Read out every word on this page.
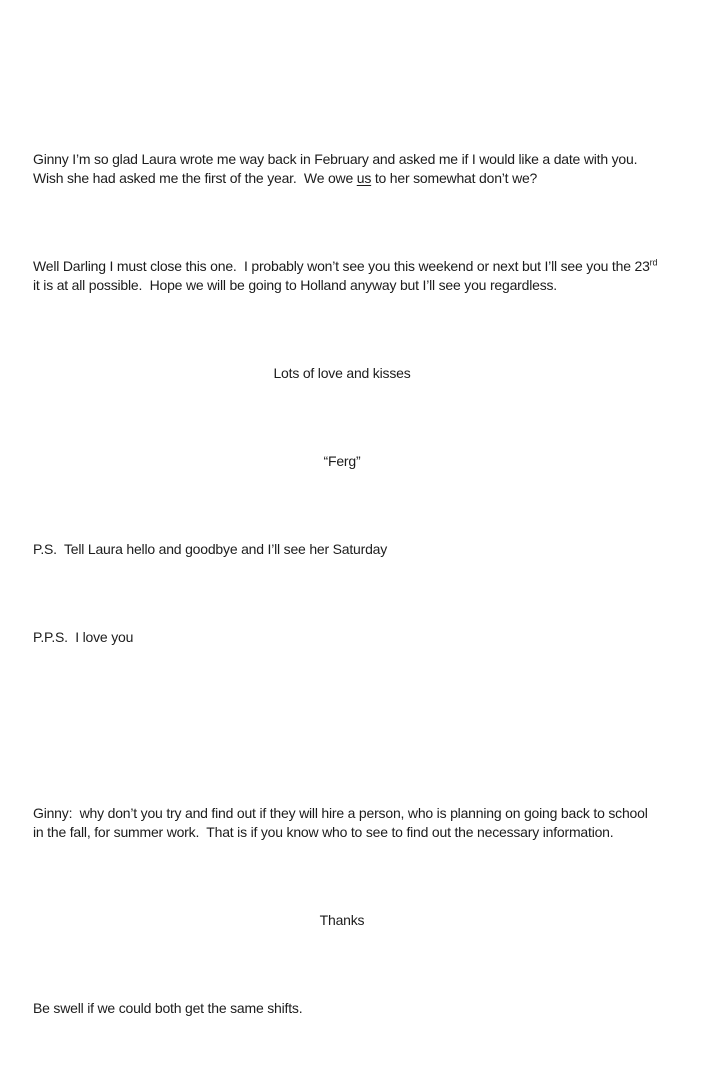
Ginny I’m so glad Laura wrote me way back in February and asked me if I would like a date with you.
Wish she had asked me the first of the year.  We owe us to her somewhat don’t we?

Well Darling I must close this one.  I probably won’t see you this weekend or next but I’ll see you the 23rd
it is at all possible.  Hope we will be going to Holland anyway but I’ll see you regardless.

Lots of love and kisses

“Ferg”

P.S.  Tell Laura hello and goodbye and I’ll see her Saturday

P.P.S.  I love you

Ginny:  why don’t you try and find out if they will hire a person, who is planning on going back to school
in the fall, for summer work.  That is if you know who to see to find out the necessary information.

Thanks

Be swell if we could both get the same shifts.
